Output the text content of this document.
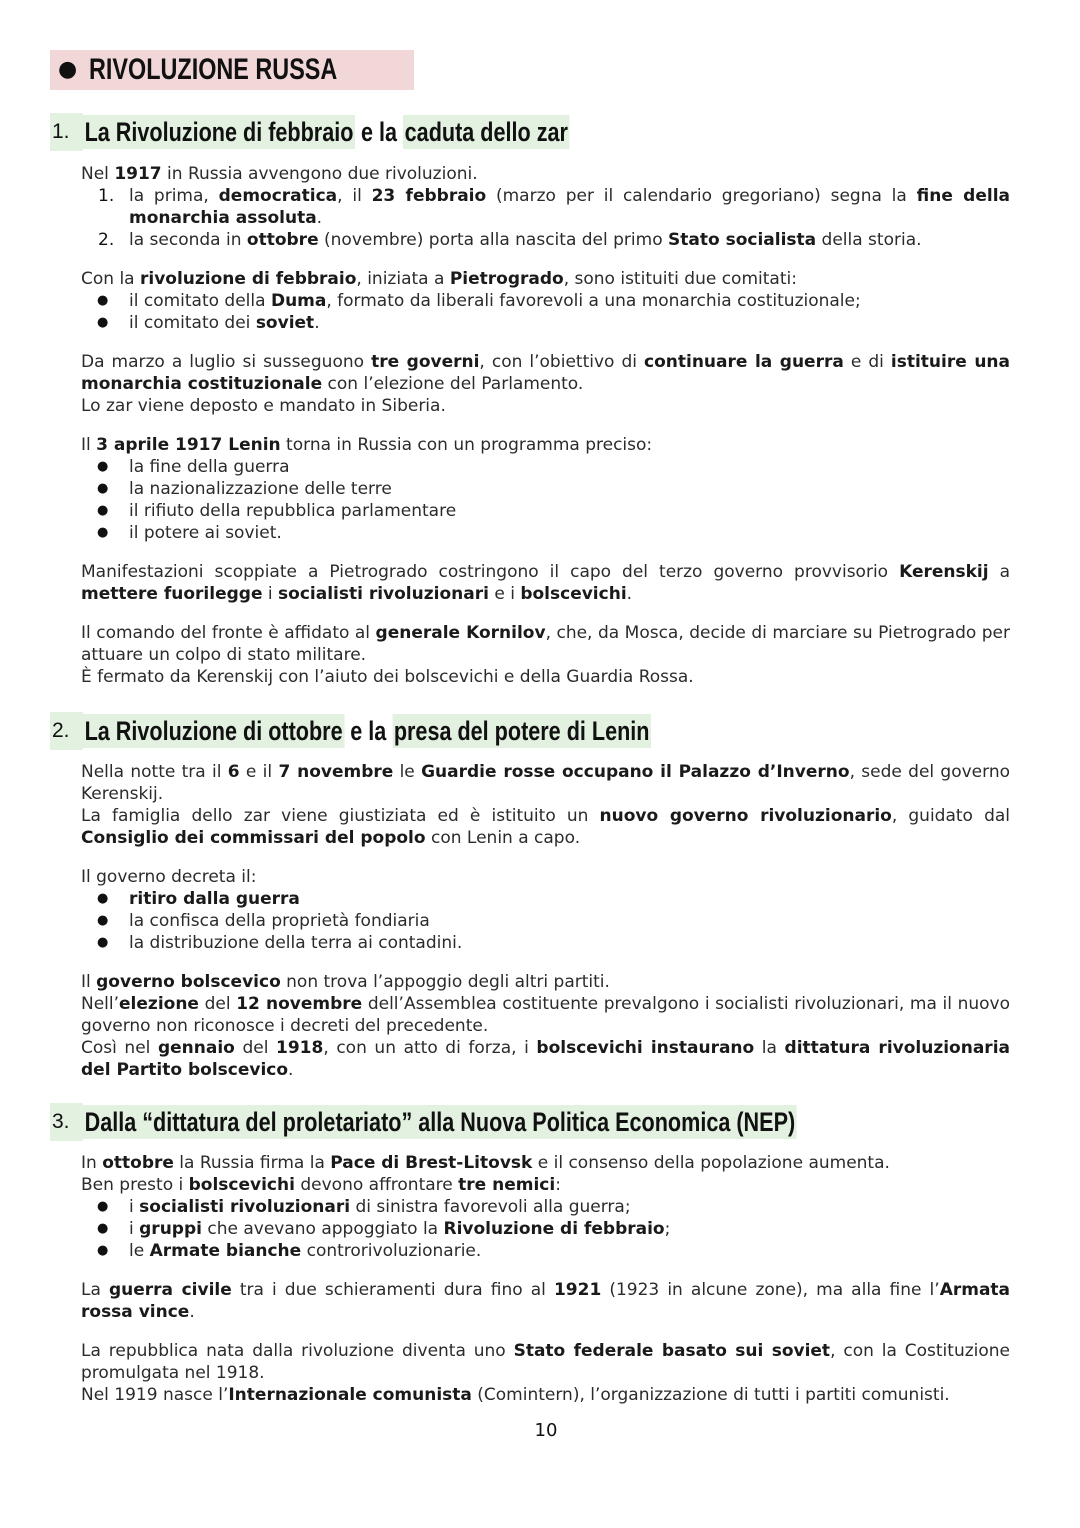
● RIVOLUZIONE RUSSA
1. La Rivoluzione di febbraio e la caduta dello zar

Nel 1917 in Russia avvengono due rivoluzioni.

1. la prima, democratica, il 23 febbraio (marzo per il calendario gregoriano) segna la fine della monarchia assoluta.
2. la seconda in ottobre (novembre) porta alla nascita del primo Stato socialista della storia.

Con la rivoluzione di febbraio, iniziata a Pietrogrado, sono istituiti due comitati:

● il comitato della Duma, formato da liberali favorevoli a una monarchia costituzionale;
● il comitato dei soviet.

Da marzo a luglio si susseguono tre governi, con l’obiettivo di continuare la guerra e di istituire una monarchia costituzionale con l’elezione del Parlamento.

Lo zar viene deposto e mandato in Siberia.

Il 3 aprile 1917 Lenin torna in Russia con un programma preciso:

● la fine della guerra
● la nazionalizzazione delle terre
● il rifiuto della repubblica parlamentare
● il potere ai soviet.

Manifestazioni scoppiate a Pietrogrado costringono il capo del terzo governo provvisorio Kerenskij a mettere fuorilegge i socialisti rivoluzionari e i bolscevichi.

Il comando del fronte è affidato al generale Kornilov, che, da Mosca, decide di marciare su Pietrogrado per attuare un colpo di stato militare.

È fermato da Kerenskij con l’aiuto dei bolscevichi e della Guardia Rossa.

2. La Rivoluzione di ottobre e la presa del potere di Lenin

Nella notte tra il 6 e il 7 novembre le Guardie rosse occupano il Palazzo d’Inverno, sede del governo Kerenskij.

La famiglia dello zar viene giustiziata ed è istituito un nuovo governo rivoluzionario, guidato dal Consiglio dei commissari del popolo con Lenin a capo.

Il governo decreta il:

● ritiro dalla guerra
● la confisca della proprietà fondiaria
● la distribuzione della terra ai contadini.

Il governo bolscevico non trova l’appoggio degli altri partiti.

Nell’elezione del 12 novembre dell’Assemblea costituente prevalgono i socialisti rivoluzionari, ma il nuovo governo non riconosce i decreti del precedente.

Così nel gennaio del 1918, con un atto di forza, i bolscevichi instaurano la dittatura rivoluzionaria del Partito bolscevico.

3. Dalla “dittatura del proletariato” alla Nuova Politica Economica (NEP)

In ottobre la Russia firma la Pace di Brest-Litovsk e il consenso della popolazione aumenta.

Ben presto i bolscevichi devono affrontare tre nemici:

● i socialisti rivoluzionari di sinistra favorevoli alla guerra;
● i gruppi che avevano appoggiato la Rivoluzione di febbraio;
● le Armate bianche controrivoluzionarie.

La guerra civile tra i due schieramenti dura fino al 1921 (1923 in alcune zone), ma alla fine l’Armata rossa vince.

La repubblica nata dalla rivoluzione diventa uno Stato federale basato sui soviet, con la Costituzione promulgata nel 1918.

Nel 1919 nasce l’Internazionale comunista (Comintern), l’organizzazione di tutti i partiti comunisti.

10
